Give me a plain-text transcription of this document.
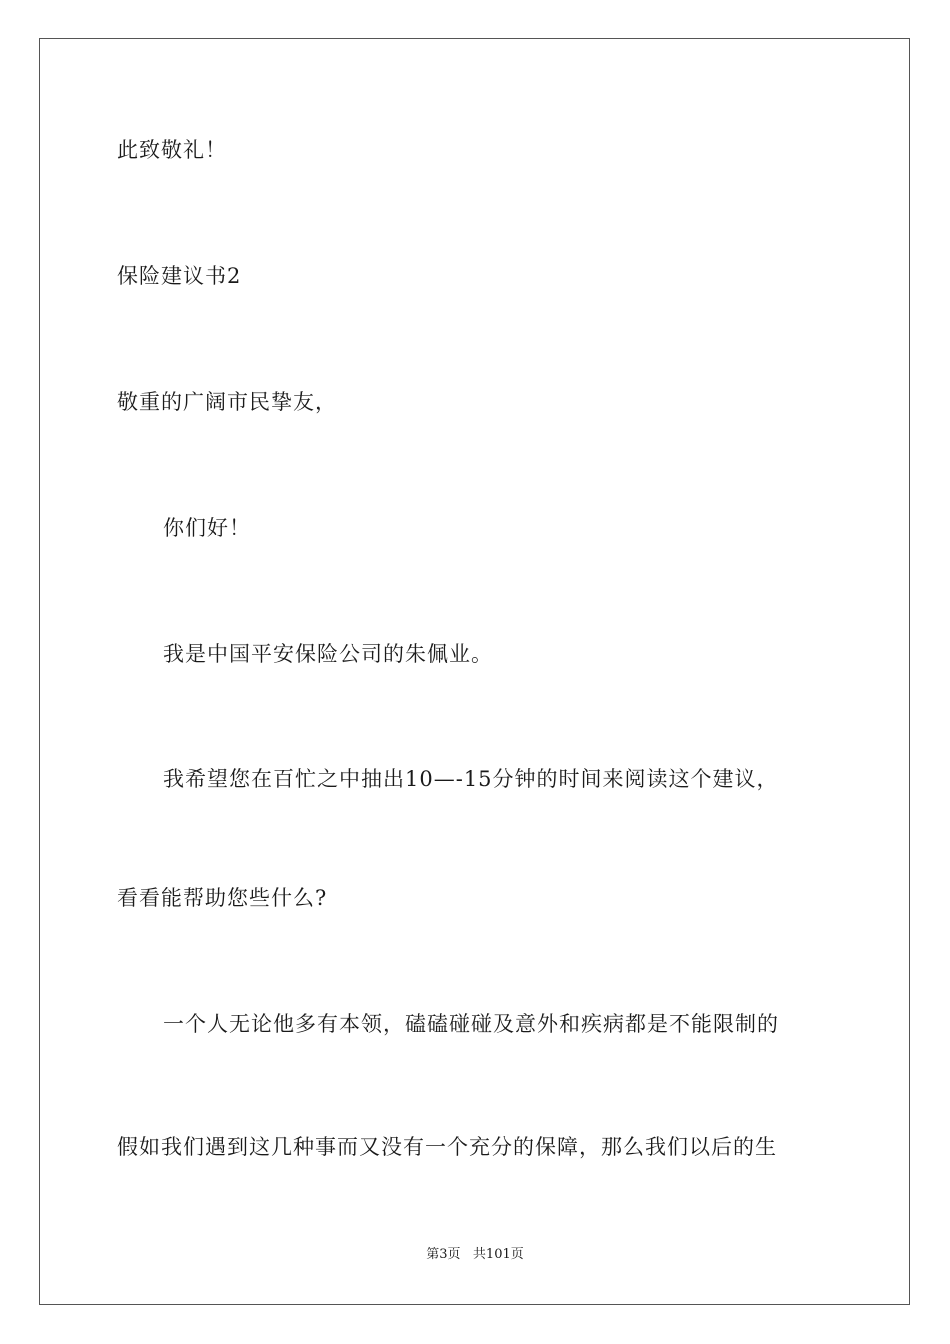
此致敬礼！
保险建议书2
敬重的广阔市民挚友，
你们好！
我是中国平安保险公司的朱佩业。
我希望您在百忙之中抽出10—-15分钟的时间来阅读这个建议，
看看能帮助您些什么?
一个人无论他多有本领，磕磕碰碰及意外和疾病都是不能限制的
假如我们遇到这几种事而又没有一个充分的保障，那么我们以后的生
第3页   共101页
